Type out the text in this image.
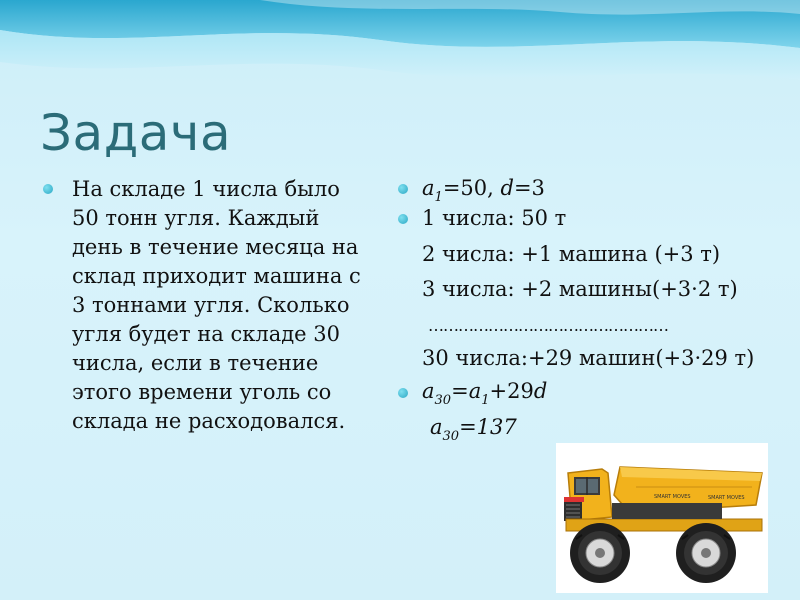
Задача
На складе 1 числа было 50 тонн угля. Каждый день в течение месяца на склад приходит машина с 3 тоннами угля. Сколько угля будет на складе 30 числа, если в течение этого времени уголь со склада не расходовался.
$a_1=50$, d=3
1 числа: 50 т
2 числа: +1 машина (+3 т)
3 числа: +2 машины(+3·2 т)
…………………………………………
30 числа:+29 машин(+3·29 т)
$a_{30}=a_1+29d$
$a_{30}=137$
SMART MOVES	SMART MOVES
